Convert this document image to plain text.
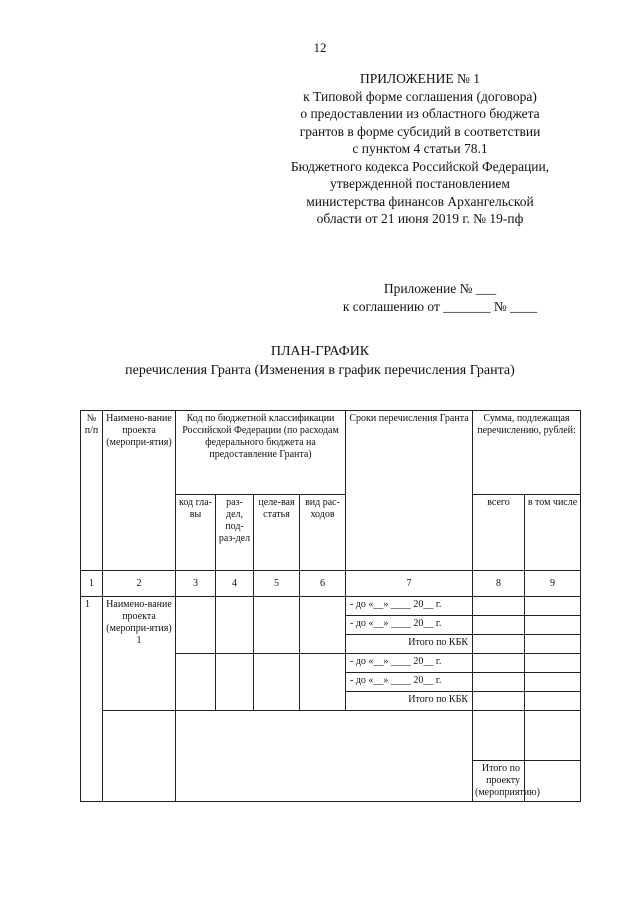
12
ПРИЛОЖЕНИЕ № 1
к Типовой форме соглашения (договора)
о предоставлении из областного бюджета
грантов в форме субсидий в соответствии
с пунктом 4 статьи 78.1
Бюджетного кодекса Российской Федерации,
утвержденной постановлением
министерства финансов Архангельской
области от 21 июня 2019 г. № 19-пф
Приложение № ___
к соглашению от _______ № ____
ПЛАН-ГРАФИК
перечисления Гранта (Изменения в график перечисления Гранта)
№ п/п	Наимено-вание проекта (меропри-ятия)	Код по бюджетной классификации Российской Федерации (по расходам федерального бюджета на предоставление Гранта)				Сроки перечисления Гранта	Сумма, подлежащая перечислению, рублей:		
		код гла-вы	раз-дел, под-раз-дел	целе-вая статья	вид рас-ходов		всего	в том числе	
1	2	3	4	5	6	7	8	9	
1	Наимено-вание проекта (меропри-ятия) 1					- до «__» ____ 20__ г.			
						- до «__» ____ 20__ г.			
						Итого по КБК			
						- до «__» ____ 20__ г.			
						- до «__» ____ 20__ г.			
						Итого по КБК			

							Итого по проекту (мероприятию)		
